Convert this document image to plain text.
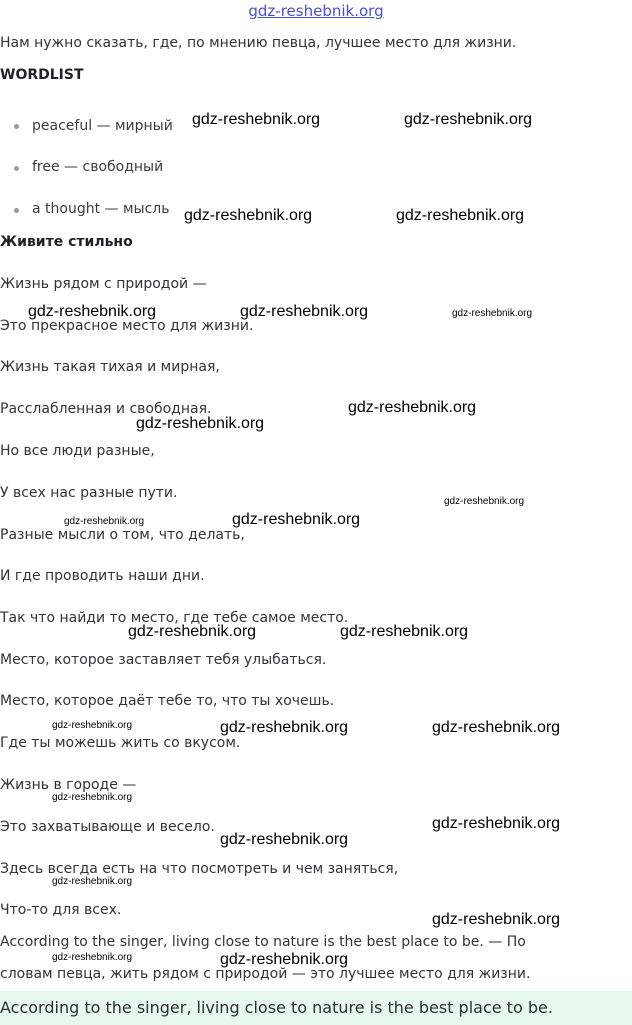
gdz-reshebnik.org
Нам нужно сказать, где, по мнению певца, лучшее место для жизни.
WORDLIST
peaceful — мирный
free — свободный
a thought — мысль
Живите стильно
Жизнь рядом с природой —
Это прекрасное место для жизни.
Жизнь такая тихая и мирная,
Расслабленная и свободная.
Но все люди разные,
У всех нас разные пути.
Разные мысли о том, что делать,
И где проводить наши дни.
Так что найди то место, где тебе самое место.
Место, которое заставляет тебя улыбаться.
Место, которое даёт тебе то, что ты хочешь.
Где ты можешь жить со вкусом.
Жизнь в городе —
Это захватывающе и весело.
Здесь всегда есть на что посмотреть и чем заняться,
Что-то для всех.
According to the singer, living close to nature is the best place to be. — По
словам певца, жить рядом с природой — это лучшее место для жизни.
According to the singer, living close to nature is the best place to be.
gdz-reshebnik.org	gdz-reshebnik.org
gdz-reshebnik.org	gdz-reshebnik.org
gdz-reshebnik.org	gdz-reshebnik.org	gdz-reshebnik.org
gdz-reshebnik.org
gdz-reshebnik.org
gdz-reshebnik.org
gdz-reshebnik.org	gdz-reshebnik.org
gdz-reshebnik.org	gdz-reshebnik.org
gdz-reshebnik.org	gdz-reshebnik.org	gdz-reshebnik.org
gdz-reshebnik.org
gdz-reshebnik.org
gdz-reshebnik.org
gdz-reshebnik.org
gdz-reshebnik.org
gdz-reshebnik.org	gdz-reshebnik.org
